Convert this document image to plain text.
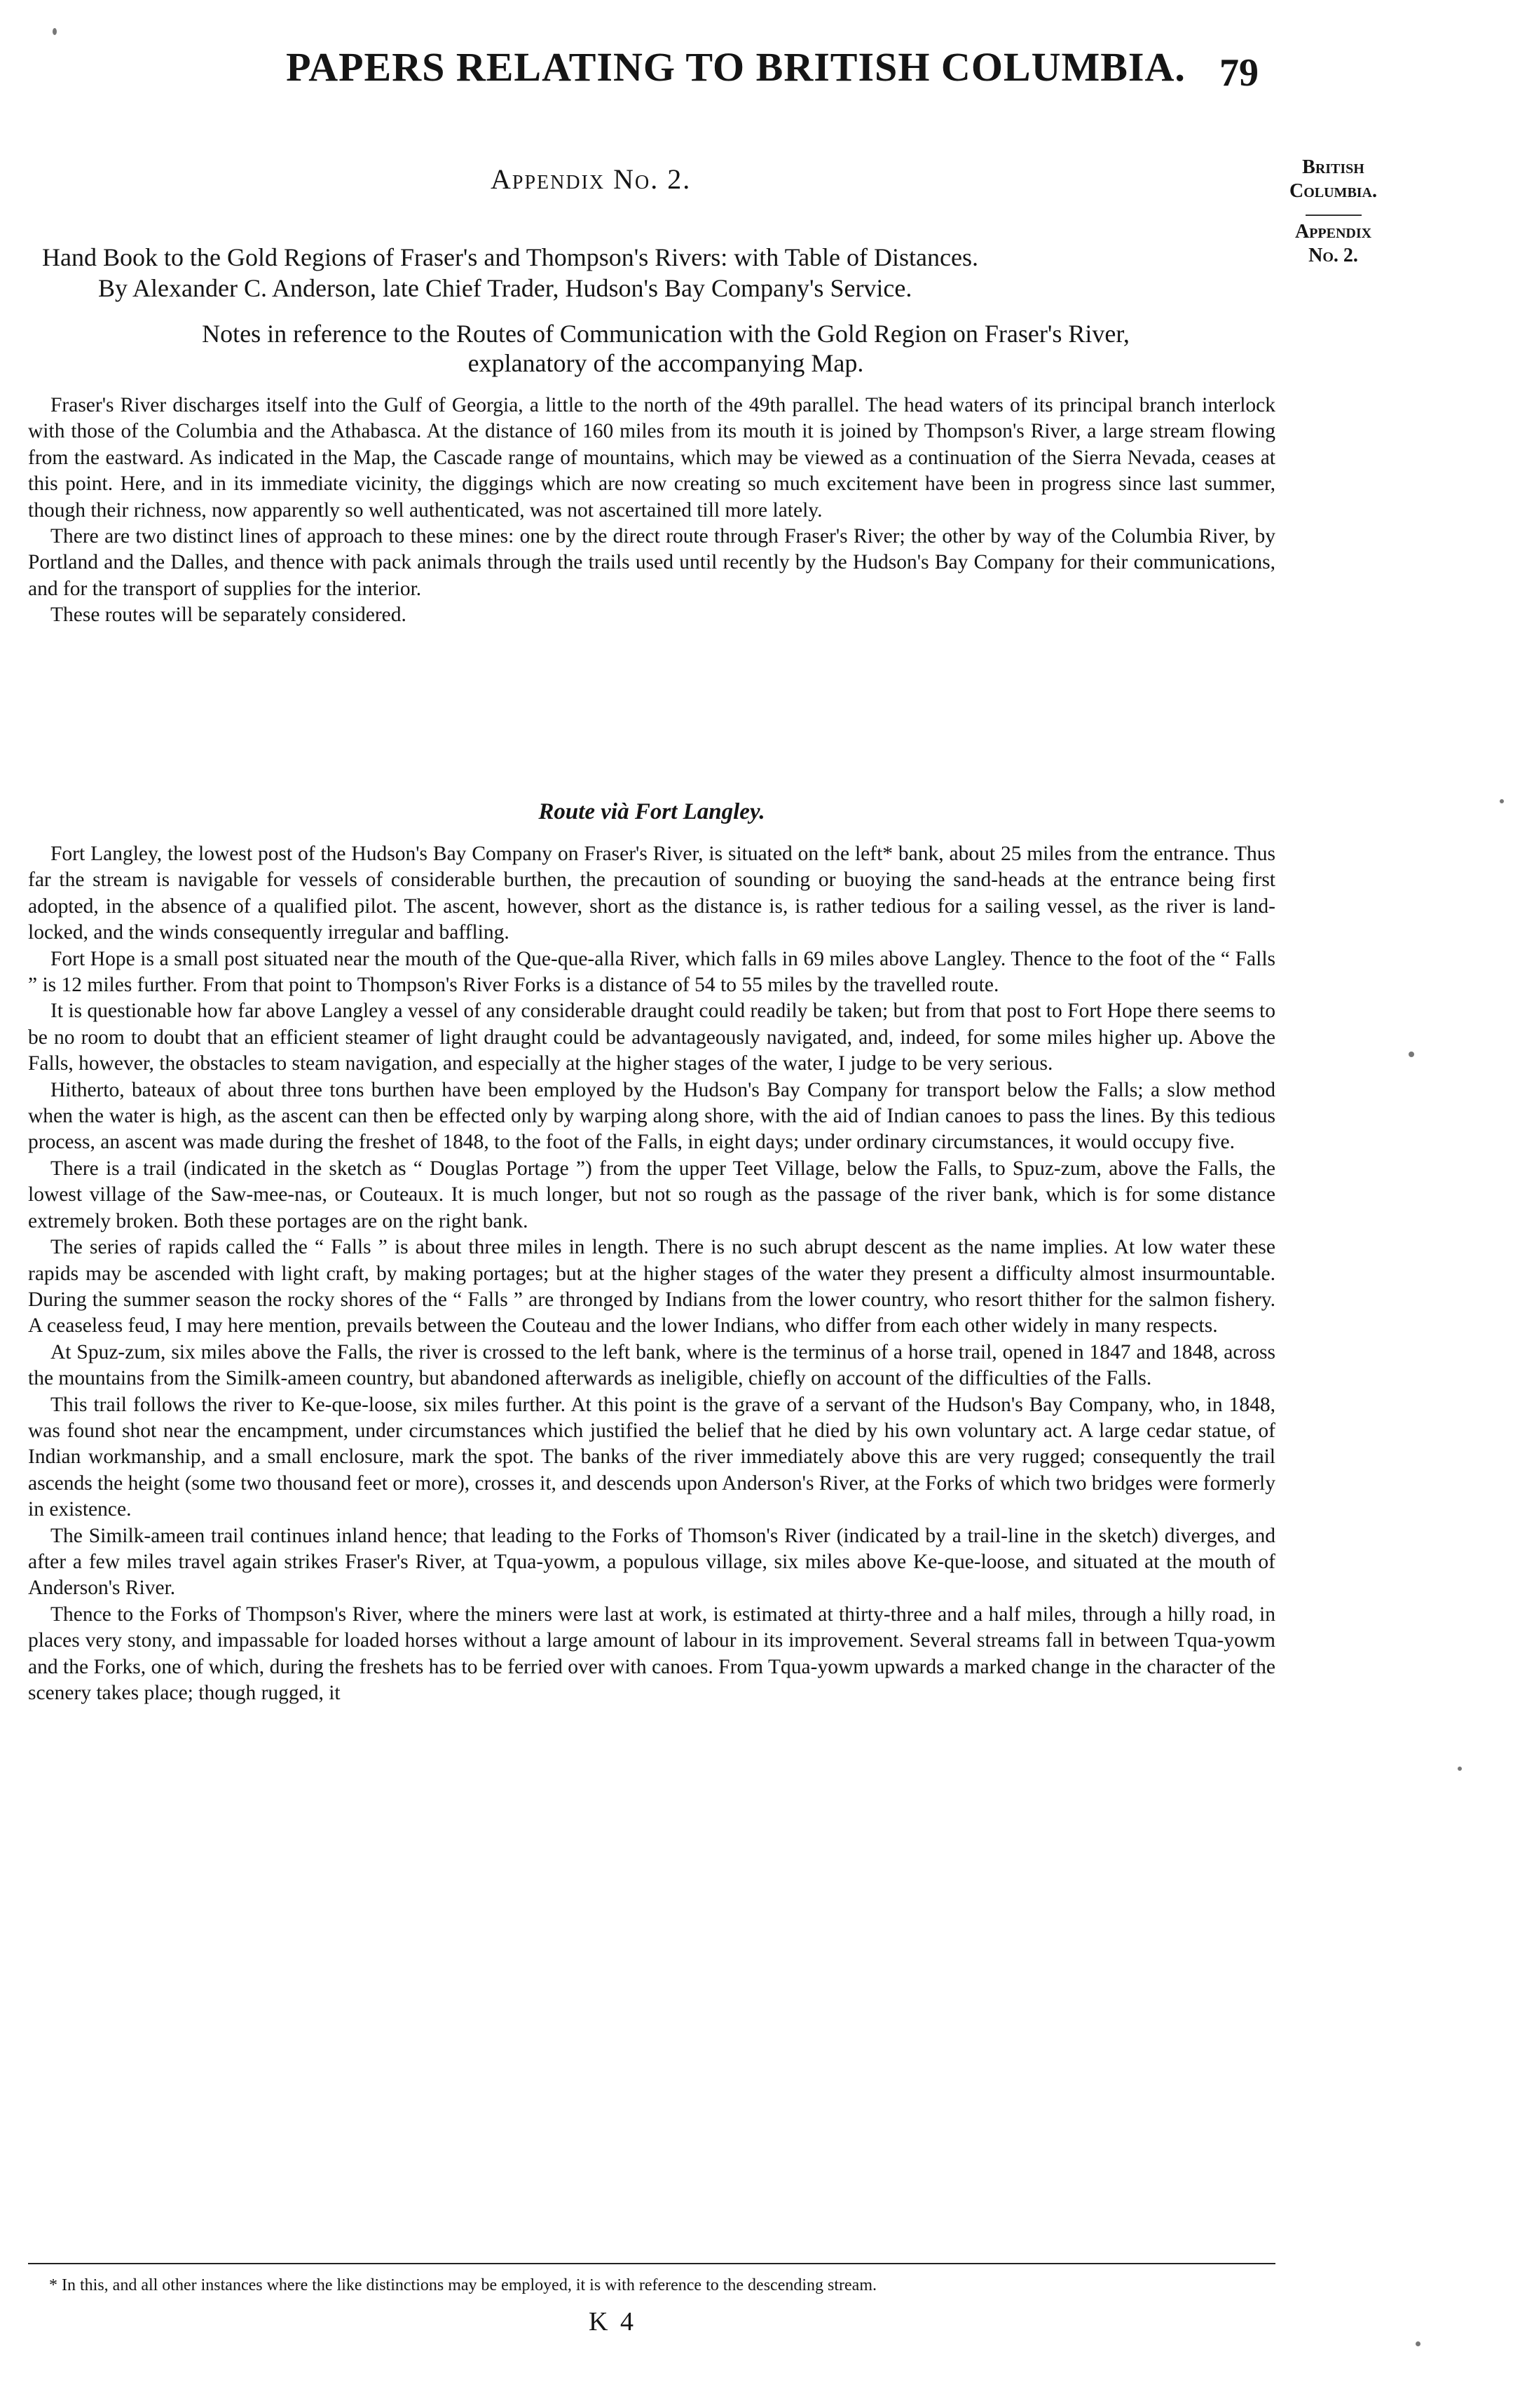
PAPERS RELATING TO BRITISH COLUMBIA. 79
Appendix No. 2.	British
Columbia.
Appendix
No. 2.

Hand Book to the Gold Regions of Fraser's and Thompson's Rivers: with Table of Distances.

By Alexander C. Anderson, late Chief Trader, Hudson's Bay Company's Service.

Notes in reference to the Routes of Communication with the Gold Region on Fraser's River,

explanatory of the accompanying Map.

Fraser's River discharges itself into the Gulf of Georgia, a little to the north of the 49th parallel. The head waters of its principal branch interlock with those of the Columbia and the Athabasca. At the distance of 160 miles from its mouth it is joined by Thompson's River, a large stream flowing from the eastward. As indicated in the Map, the Cascade range of mountains, which may be viewed as a continuation of the Sierra Nevada, ceases at this point. Here, and in its immediate vicinity, the diggings which are now creating so much excitement have been in progress since last summer, though their richness, now apparently so well authenticated, was not ascertained till more lately.

There are two distinct lines of approach to these mines: one by the direct route through Fraser's River; the other by way of the Columbia River, by Portland and the Dalles, and thence with pack animals through the trails used until recently by the Hudson's Bay Company for their communications, and for the transport of supplies for the interior.

These routes will be separately considered.

Route vià Fort Langley.

Fort Langley, the lowest post of the Hudson's Bay Company on Fraser's River, is situated on the left* bank, about 25 miles from the entrance. Thus far the stream is navigable for vessels of considerable burthen, the precaution of sounding or buoying the sand-heads at the entrance being first adopted, in the absence of a qualified pilot. The ascent, however, short as the distance is, is rather tedious for a sailing vessel, as the river is land-locked, and the winds consequently irregular and baffling.

Fort Hope is a small post situated near the mouth of the Que-que-alla River, which falls in 69 miles above Langley. Thence to the foot of the “ Falls ” is 12 miles further. From that point to Thompson's River Forks is a distance of 54 to 55 miles by the travelled route.

It is questionable how far above Langley a vessel of any considerable draught could readily be taken; but from that post to Fort Hope there seems to be no room to doubt that an efficient steamer of light draught could be advantageously navigated, and, indeed, for some miles higher up. Above the Falls, however, the obstacles to steam navigation, and especially at the higher stages of the water, I judge to be very serious.

Hitherto, bateaux of about three tons burthen have been employed by the Hudson's Bay Company for transport below the Falls; a slow method when the water is high, as the ascent can then be effected only by warping along shore, with the aid of Indian canoes to pass the lines. By this tedious process, an ascent was made during the freshet of 1848, to the foot of the Falls, in eight days; under ordinary circumstances, it would occupy five.

There is a trail (indicated in the sketch as “ Douglas Portage ”) from the upper Teet Village, below the Falls, to Spuz-zum, above the Falls, the lowest village of the Saw-mee-nas, or Couteaux. It is much longer, but not so rough as the passage of the river bank, which is for some distance extremely broken. Both these portages are on the right bank.

The series of rapids called the “ Falls ” is about three miles in length. There is no such abrupt descent as the name implies. At low water these rapids may be ascended with light craft, by making portages; but at the higher stages of the water they present a difficulty almost insurmountable. During the summer season the rocky shores of the “ Falls ” are thronged by Indians from the lower country, who resort thither for the salmon fishery. A ceaseless feud, I may here mention, prevails between the Couteau and the lower Indians, who differ from each other widely in many respects.

At Spuz-zum, six miles above the Falls, the river is crossed to the left bank, where is the terminus of a horse trail, opened in 1847 and 1848, across the mountains from the Similk-ameen country, but abandoned afterwards as ineligible, chiefly on account of the difficulties of the Falls.

This trail follows the river to Ke-que-loose, six miles further. At this point is the grave of a servant of the Hudson's Bay Company, who, in 1848, was found shot near the encampment, under circumstances which justified the belief that he died by his own voluntary act. A large cedar statue, of Indian workmanship, and a small enclosure, mark the spot. The banks of the river immediately above this are very rugged; consequently the trail ascends the height (some two thousand feet or more), crosses it, and descends upon Anderson's River, at the Forks of which two bridges were formerly in existence.

The Similk-ameen trail continues inland hence; that leading to the Forks of Thomson's River (indicated by a trail-line in the sketch) diverges, and after a few miles travel again strikes Fraser's River, at Tqua-yowm, a populous village, six miles above Ke-que-loose, and situated at the mouth of Anderson's River.

Thence to the Forks of Thompson's River, where the miners were last at work, is estimated at thirty-three and a half miles, through a hilly road, in places very stony, and impassable for loaded horses without a large amount of labour in its improvement. Several streams fall in between Tqua-yowm and the Forks, one of which, during the freshets has to be ferried over with canoes. From Tqua-yowm upwards a marked change in the character of the scenery takes place; though rugged, it

* In this, and all other instances where the like distinctions may be employed, it is with reference to the descending stream.
K 4
